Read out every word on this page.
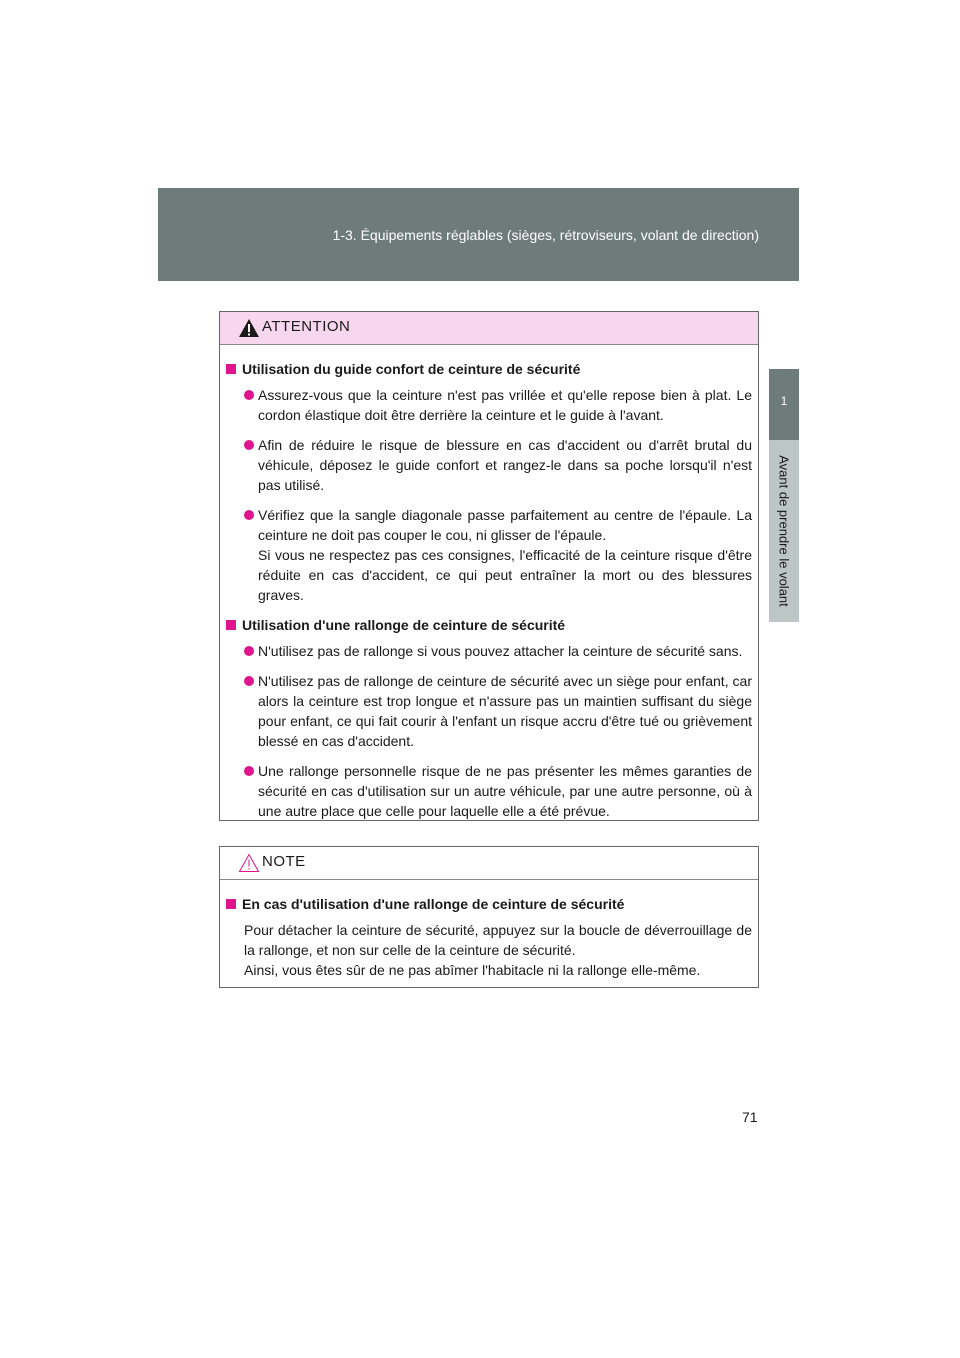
1-3. Équipements réglables (sièges, rétroviseurs, volant de direction)
1
Avant de prendre le volant
ATTENTION
Utilisation du guide confort de ceinture de sécurité

Assurez-vous que la ceinture n'est pas vrillée et qu'elle repose bien à plat. Le cordon élastique doit être derrière la ceinture et le guide à l'avant.

Afin de réduire le risque de blessure en cas d'accident ou d'arrêt brutal du véhicule, déposez le guide confort et rangez-le dans sa poche lorsqu'il n'est pas utilisé.

Vérifiez que la sangle diagonale passe parfaitement au centre de l'épaule. La ceinture ne doit pas couper le cou, ni glisser de l'épaule.

Si vous ne respectez pas ces consignes, l'efficacité de la ceinture risque d'être réduite en cas d'accident, ce qui peut entraîner la mort ou des blessures graves.

Utilisation d'une rallonge de ceinture de sécurité

N'utilisez pas de rallonge si vous pouvez attacher la ceinture de sécurité sans.

N'utilisez pas de rallonge de ceinture de sécurité avec un siège pour enfant, car alors la ceinture est trop longue et n'assure pas un maintien suffisant du siège pour enfant, ce qui fait courir à l'enfant un risque accru d'être tué ou grièvement blessé en cas d'accident.

Une rallonge personnelle risque de ne pas présenter les mêmes garanties de sécurité en cas d'utilisation sur un autre véhicule, par une autre personne, où à une autre place que celle pour laquelle elle a été prévue.

NOTE
En cas d'utilisation d'une rallonge de ceinture de sécurité

Pour détacher la ceinture de sécurité, appuyez sur la boucle de déverrouillage de la rallonge, et non sur celle de la ceinture de sécurité.

Ainsi, vous êtes sûr de ne pas abîmer l'habitacle ni la rallonge elle-même.

71
